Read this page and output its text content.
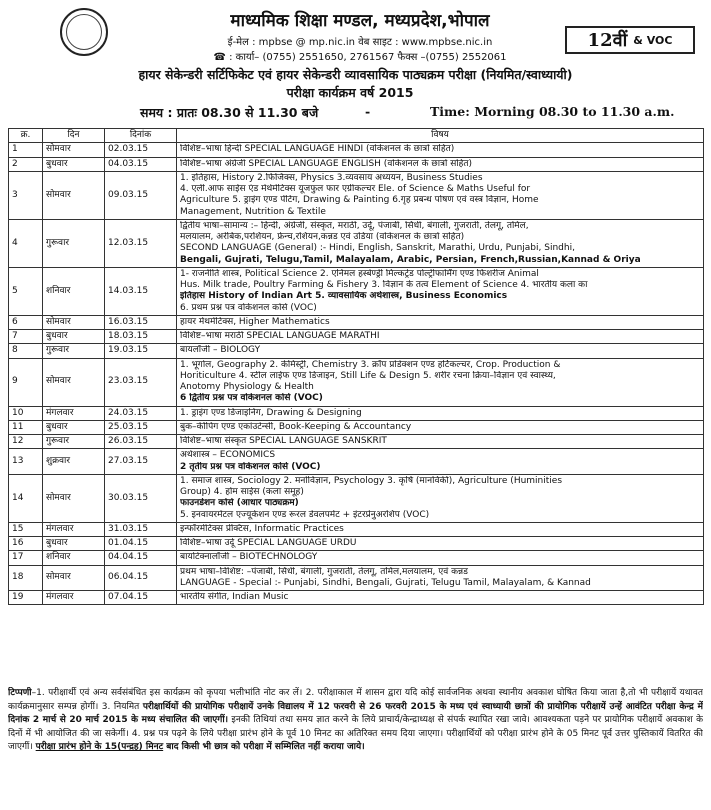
माध्यमिक शिक्षा मण्डल, मध्यप्रदेश,भोपाल
ई-मेल : mpbse @ mp.nic.in वेब साइट : www.mpbse.nic.in
☎ : कार्या– (0755) 2551650, 2761567 फैक्स –(0755) 2552061
12वीं & VOC
हायर सेकेन्डरी सर्टिफिकेट एवं हायर सेकेन्डरी व्यावसायिक पाठ्यक्रम परीक्षा (नियमित/स्वाध्यायी)
परीक्षा कार्यक्रम वर्ष 2015
समय : प्रातः 08.30 से 11.30 बजे	-	Time: Morning 08.30 to 11.30 a.m.
क्र.	दिन	दिनांक	विषय
1	सोमवार	02.03.15	विशिष्ट–भाषा हिन्दी SPECIAL LANGUAGE HINDI (वोकेशनल के छात्रों सहित)

2	बुधवार	04.03.15	विशिष्ट–भाषा अंग्रेजी SPECIAL LANGUAGE ENGLISH (वोकेशनल के छात्रों सहित)

3	सोमवार	09.03.15	1. इतिहास, History 2.फिजिक्स, Physics 3.व्यवसाय अध्ययन, Business Studies
4. एली.आफ साईस एंड मेथेमेटिक्स यूजफुल फार एग्रीकल्चर Ele. of Science & Maths Useful for
Agriculture 5. ड्राइंग एण्ड पेंटिंग, Drawing & Painting 6.गृह प्रबन्ध पोषण एवं वस्त्र विज्ञान, Home
Management, Nutrition & Textile

4	गुरूवार	12.03.15	द्वितीय भाषा–सामान्य :– हिन्दी, अंग्रेजी, संस्कृत, मराठी, उर्दू, पंजाबी, सिंधी, बंगाली, गुजराती, तेलगू, तमिल,
मलयालम, अरेबिक,परशियन, फ्रेन्च,रशियन,कन्नड एवं उडिया (वोकेशनल के छात्रों सहित)
SECOND LANGUAGE (General) :- Hindi, English, Sanskrit, Marathi, Urdu, Punjabi, Sindhi,
Bengali, Gujrati, Telugu,Tamil, Malayalam, Arabic, Persian, French,Russian,Kannad & Oriya

5	शनिवार	14.03.15	1- राजनीति शास्त्र, Political Science 2. एनिमल हस्बेण्ड्री मिल्कट्रेड पोल्ट्रीफार्मिंग एण्ड फिशरीज Animal
Hus. Milk trade, Poultry Farming & Fishery 3. विज्ञान के तत्व Element of Science 4. भारतीय कला का
इतिहास History of Indian Art 5. व्यावसायिक अर्थशास्त्र, Business Economics
6. प्रथम प्रश्न पत्र वोकेशनल कोर्स (VOC)

6	सोमवार	16.03.15	हायर मेथमेटिक्स, Higher Mathematics

7	बुधवार	18.03.15	विशिष्ट–भाषा मराठी SPECIAL LANGUAGE MARATHI

8	गुरूवार	19.03.15	बायलॉजी – BIOLOGY

9	सोमवार	23.03.15	1. भूगोल, Geography 2. केमिस्ट्री, Chemistry 3. क्रॉप प्रोडेक्शन एण्ड हर्टिकल्चर, Crop. Production &
Horiticulture 4. स्टील लाईफ एण्ड डिजाइन, Still Life & Design 5. शरीर रचना क्रिया–विज्ञान एवं स्वास्थ्य,
Anotomy Physiology & Health
6 द्वितीय प्रश्न पत्र वोकेशनल कोर्स (VOC)

10	मंगलवार	24.03.15	1. ड्राइंग एण्ड डिजाइनिंग, Drawing & Designing

11	बुधवार	25.03.15	बुक–कीपिंग एण्ड एकांउटेन्सी, Book-Keeping & Accountancy

12	गुरूवार	26.03.15	विशिष्ट–भाषा संस्कृत SPECIAL LANGUAGE SANSKRIT

13	शुक्रवार	27.03.15	अर्थशास्त्र – ECONOMICS
2 तृतीय प्रश्न पत्र वोकेशनल कोर्स (VOC)

14	सोमवार	30.03.15	1. समाज शास्त्र, Sociology 2. मनोविज्ञान, Psychology 3. कृषि (मानविकी), Agriculture (Huminities
Group) 4. होम साईस (कला समूह)
फाउनडेशन कोर्स (आधार पाठ्यक्रम)
5. इनवायरमेंटल एज्यूकेशन एण्ड रूरल डेवलपमेंट + इंटरप्रेनुअरशिप (VOC)

15	मंगलवार	31.03.15	इन्फॉरमेटिक्स प्रेक्टिस, Informatic Practices

16	बुधवार	01.04.15	विशिष्ट–भाषा उर्दू SPECIAL LANGUAGE URDU

17	शनिवार	04.04.15	बायोटेक्नालॉजी – BIOTECHNOLOGY

18	सोमवार	06.04.15	प्रथम भाषा–विशिष्ट: –पंजाबी, सिंधी, बंगाली, गुजराती, तेलगू, तमिल,मलयालम, एवं कन्नड
LANGUAGE - Special :- Punjabi, Sindhi, Bengali, Gujrati, Telugu Tamil, Malayalam, & Kannad

19	मंगलवार	07.04.15	भारतीय संगीत, Indian Music
टिप्पणी–1. परीक्षार्थी एवं अन्य सर्वसंबंधित इस कार्यक्रम को कृपया भलीभांति नोट कर लें। 2. परीक्षाकाल में शासन द्वारा यदि कोई सार्वजनिक अथवा स्थानीय अवकाश घोषित किया जाता है,तो भी परीक्षायें यथावत कार्यक्रमानुसार सम्पन्न होगीं। 3. नियमित परीक्षार्थियों की प्रायोगिक परीक्षायें उनके विद्यालय में 12 फरवरी से 26 फरवरी 2015 के मध्य एवं स्वाध्यायी छात्रों की प्रायोगिक परीक्षायें उन्हें आवंटित परीक्षा केन्द्र में दिनांक 2 मार्च से 20 मार्च 2015 के मध्य संचालित की जाएगीं। इनकी तिथियां तथा समय ज्ञात करने के लिये प्राचार्य/केन्द्राध्यक्ष से संपर्क स्थापित रखा जावे। आवश्यकता पड़ने पर प्रायोगिक परीक्षायें अवकाश के दिनों में भी आयोजित की जा सकेगीं। 4. प्रश्न पत्र पढ़ने के लिये परीक्षा प्रारंभ होने के पूर्व 10 मिनट का अतिरिक्त समय दिया जाएगा। परीक्षार्थियों को परीक्षा प्रारंभ होने के 05 मिनट पूर्व उत्तर पुस्तिकायें वितरित की जाएगीं। परीक्षा प्रारंभ होने के 15(पन्द्रह) मिनट बाद किसी भी छात्र को परीक्षा में सम्मिलित नहीं कराया जाये।
